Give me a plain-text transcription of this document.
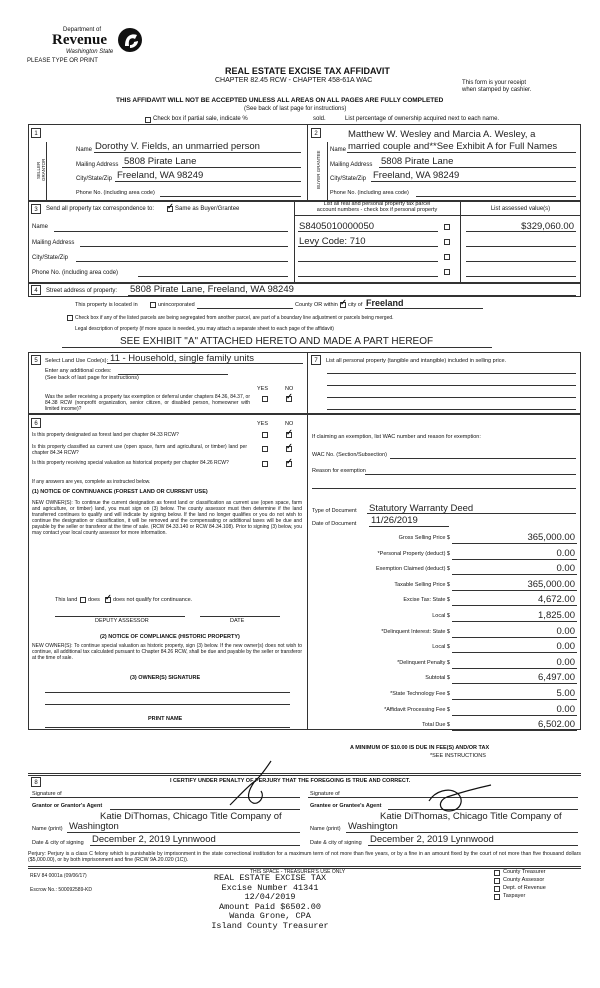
Department of
Revenue
Washington State
PLEASE TYPE OR PRINT
REAL ESTATE EXCISE TAX AFFIDAVIT
CHAPTER 82.45 RCW - CHAPTER 458-61A WAC	This form is your receipt
when stamped by cashier.
THIS AFFIDAVIT WILL NOT BE ACCEPTED UNLESS ALL AREAS ON ALL PAGES ARE FULLY COMPLETED
(See back of last page for instructions)
Check box if partial sale, indicate %	sold.	List percentage of ownership acquired next to each name.
1
SELLER GRANTOR
Name Dorothy V. Fields, an unmarried person
Mailing Address 5808 Pirate Lane
City/State/Zip Freeland, WA 98249
Phone No. (including area code)
2
BUYER GRANTEE
Matthew W. Wesley and Marcia A. Wesley, a
Name married couple and**See Exhibit A for Full Names
Mailing Address 5808 Pirate Lane
City/State/Zip Freeland, WA 98249
Phone No. (including area code)
3	Send all property tax correspondence to: ✓	Same as Buyer/Grantee
List all real and personal property tax parcel
account numbers - check box if personal property	List assessed value(s)
Name
Mailing Address
City/State/Zip
Phone No. (including area code)
S8405010000050	$329,060.00
Levy Code: 710
4	Street address of property: 5808 Pirate Lane, Freeland, WA 98249
This property is located in	unincorporated	County OR within ✓ city of Freeland
Check box if any of the listed parcels are being segregated from another parcel, are part of a boundary line adjustment or parcels being merged.
Legal description of property (if more space is needed, you may attach a separate sheet to each page of the affidavit)
SEE EXHIBIT "A" ATTACHED HERETO AND MADE A PART HEREOF
5	Select Land Use Code(s): 11 - Household, single family units
Enter any additional codes:
(See back of last page for instructions)
YES	NO
Was the seller receiving a property tax exemption or deferral under chapters 84.36, 84.37, or 84.38 RCW (nonprofit organization, senior citizen, or disabled person, homeowner with limited income)?
✓
7	List all personal property (tangible and intangible) included in selling price.
6	YES	NO
Is this property designated as forest land per chapter 84.33 RCW?
✓
Is this property classified as current use (open space, farm and agricultural, or timber) land per chapter 84.34 RCW?
✓
Is this property receiving special valuation as historical property per chapter 84.26 RCW?
✓
If any answers are yes, complete as instructed below.
(1) NOTICE OF CONTINUANCE (FOREST LAND OR CURRENT USE)
NEW OWNER(S): To continue the current designation as forest land or classification as current use (open space, farm and agriculture, or timber) land, you must sign on (3) below. The county assessor must then determine if the land transferred continues to qualify and will indicate by signing below. If the land no longer qualifies or you do not wish to continue the designation or classification, it will be removed and the compensating or additional taxes will be due and payable by the seller or transferor at the time of sale. (RCW 84.33.140 or RCW 84.34.108). Prior to signing (3) below, you may contact your local county assessor for more information.
This land does ✓ does not qualify for continuance.
DEPUTY ASSESSOR	DATE
(2) NOTICE OF COMPLIANCE (HISTORIC PROPERTY)
NEW OWNER(S): To continue special valuation as historic property, sign (3) below. If the new owner(s) does not wish to continue, all additional tax calculated pursuant to Chapter 84.26 RCW, shall be due and payable by the seller or transferor at the time of sale.
(3) OWNER(S) SIGNATURE
PRINT NAME
If claiming an exemption, list WAC number and reason for exemption:
WAC No. (Section/Subsection)
Reason for exemption
Type of Document Statutory Warranty Deed
Date of Document 11/26/2019
Gross Selling Price $	365,000.00
*Personal Property (deduct) $	0.00
Exemption Claimed (deduct) $	0.00
Taxable Selling Price $	365,000.00
Excise Tax: State $	4,672.00
Local $	1,825.00
*Delinquent Interest: State $	0.00
Local $	0.00
*Delinquent Penalty $	0.00
Subtotal $	6,497.00
*State Technology Fee $	5.00
*Affidavit Processing Fee $	0.00
Total Due $	6,502.00
A MINIMUM OF $10.00 IS DUE IN FEE(S) AND/OR TAX
*SEE INSTRUCTIONS
8	I CERTIFY UNDER PENALTY OF PERJURY THAT THE FOREGOING IS TRUE AND CORRECT.
Signature of
Grantor or Grantor's Agent
Katie DiThomas, Chicago Title Company of
Name (print) Washington
Date & city of signing December 2, 2019 Lynnwood
Signature of
Grantee or Grantee's Agent
Katie DiThomas, Chicago Title Company of
Name (print) Washington
Date & city of signing December 2, 2019 Lynnwood
Perjury: Perjury is a class C felony which is punishable by imprisonment in the state correctional institution for a maximum term of not more than five years, or by a fine in an amount fixed by the court of not more than five thousand dollars ($5,000.00), or by both imprisonment and fine (RCW 9A.20.020 (1C)).
REV 84 0001a (09/06/17)
THIS SPACE - TREASURER'S USE ONLY
Escrow No.: 500092589-KD
REAL ESTATE EXCISE TAX
Excise Number 41341
12/04/2019
Amount Paid $6502.00
Wanda Grone, CPA
Island County Treasurer
County Treasurer
County Assessor
Dept. of Revenue
Taxpayer
